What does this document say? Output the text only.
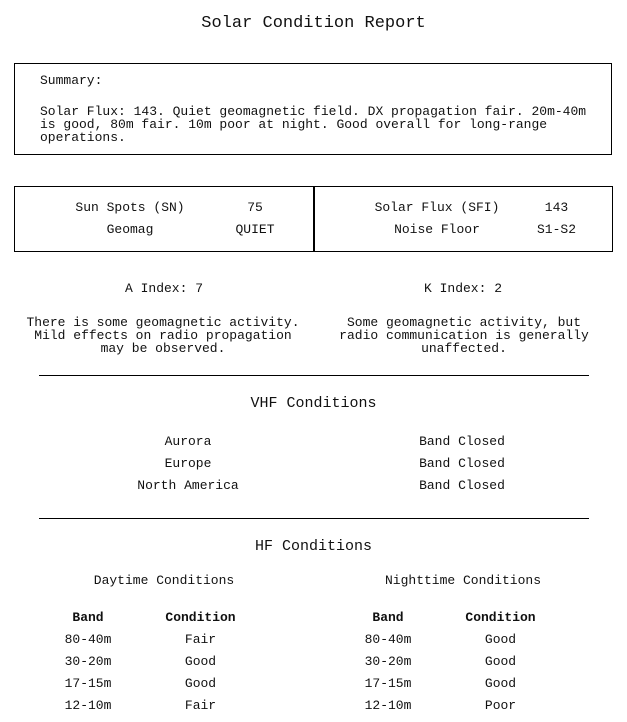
Solar Condition Report
Summary:
Solar Flux: 143. Quiet geomagnetic field. DX propagation fair. 20m-40m is good, 80m fair. 10m poor at night. Good overall for long-range operations.
Sun Spots (SN)	75
Geomag	QUIET
Solar Flux (SFI)	143
Noise Floor	S1-S2
A Index: 7
There is some geomagnetic activity. Mild effects on radio propagation may be observed.
K Index: 2
Some geomagnetic activity, but radio communication is generally unaffected.
VHF Conditions
Aurora	Band Closed
Europe	Band Closed
North America	Band Closed
HF Conditions
Daytime Conditions	Nighttime Conditions
Band	Condition
80-40m	Fair
30-20m	Good
17-15m	Good
12-10m	Fair
Band	Condition
80-40m	Good
30-20m	Good
17-15m	Good
12-10m	Poor
